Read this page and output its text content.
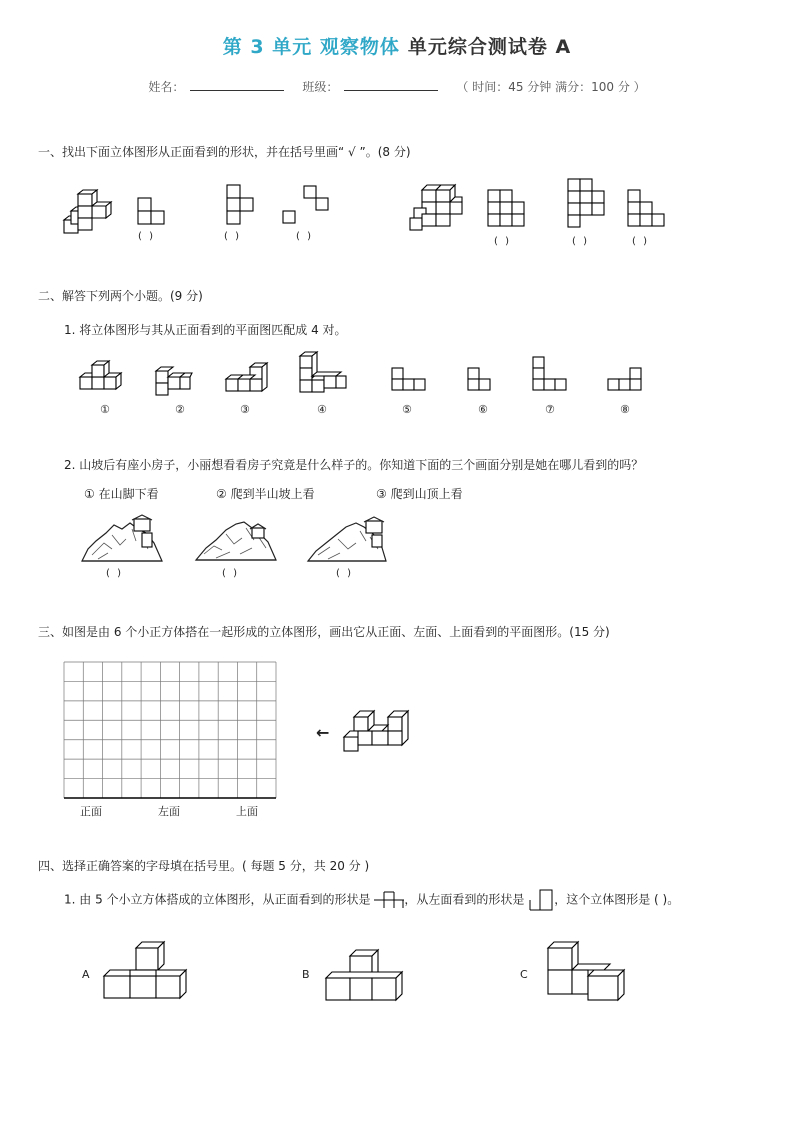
第 3 单元 观察物体 单元综合测试卷 A
姓名：	班级：	（ 时间：45 分钟 满分：100 分 ）
一、找出下面立体图形从正面看到的形状，并在括号里画“ √ ”。(8 分)
( )	( )	( )	( )	( )	( )
二、解答下列两个小题。(9 分)
1. 将立体图形与其从正面看到的平面图匹配成 4 对。
①	②	③	④	⑤	⑥	⑦	⑧
2. 山坡后有座小房子，小丽想看看房子究竟是什么样子的。你知道下面的三个画面分别是她在哪儿看到的吗？
① 在山脚下看	② 爬到半山坡上看	③ 爬到山顶上看
( )	( )	( )
三、如图是由 6 个小正方体搭在一起形成的立体图形，画出它从正面、左面、上面看到的平面图形。(15 分)
正面	左面	上面
←
四、选择正确答案的字母填在括号里。( 每题 5 分，共 20 分 )
1. 由 5 个小立方体搭成的立体图形，从正面看到的形状是	，从左面看到的形状是 ，这个立体图形是 ( )。
A	B	C
